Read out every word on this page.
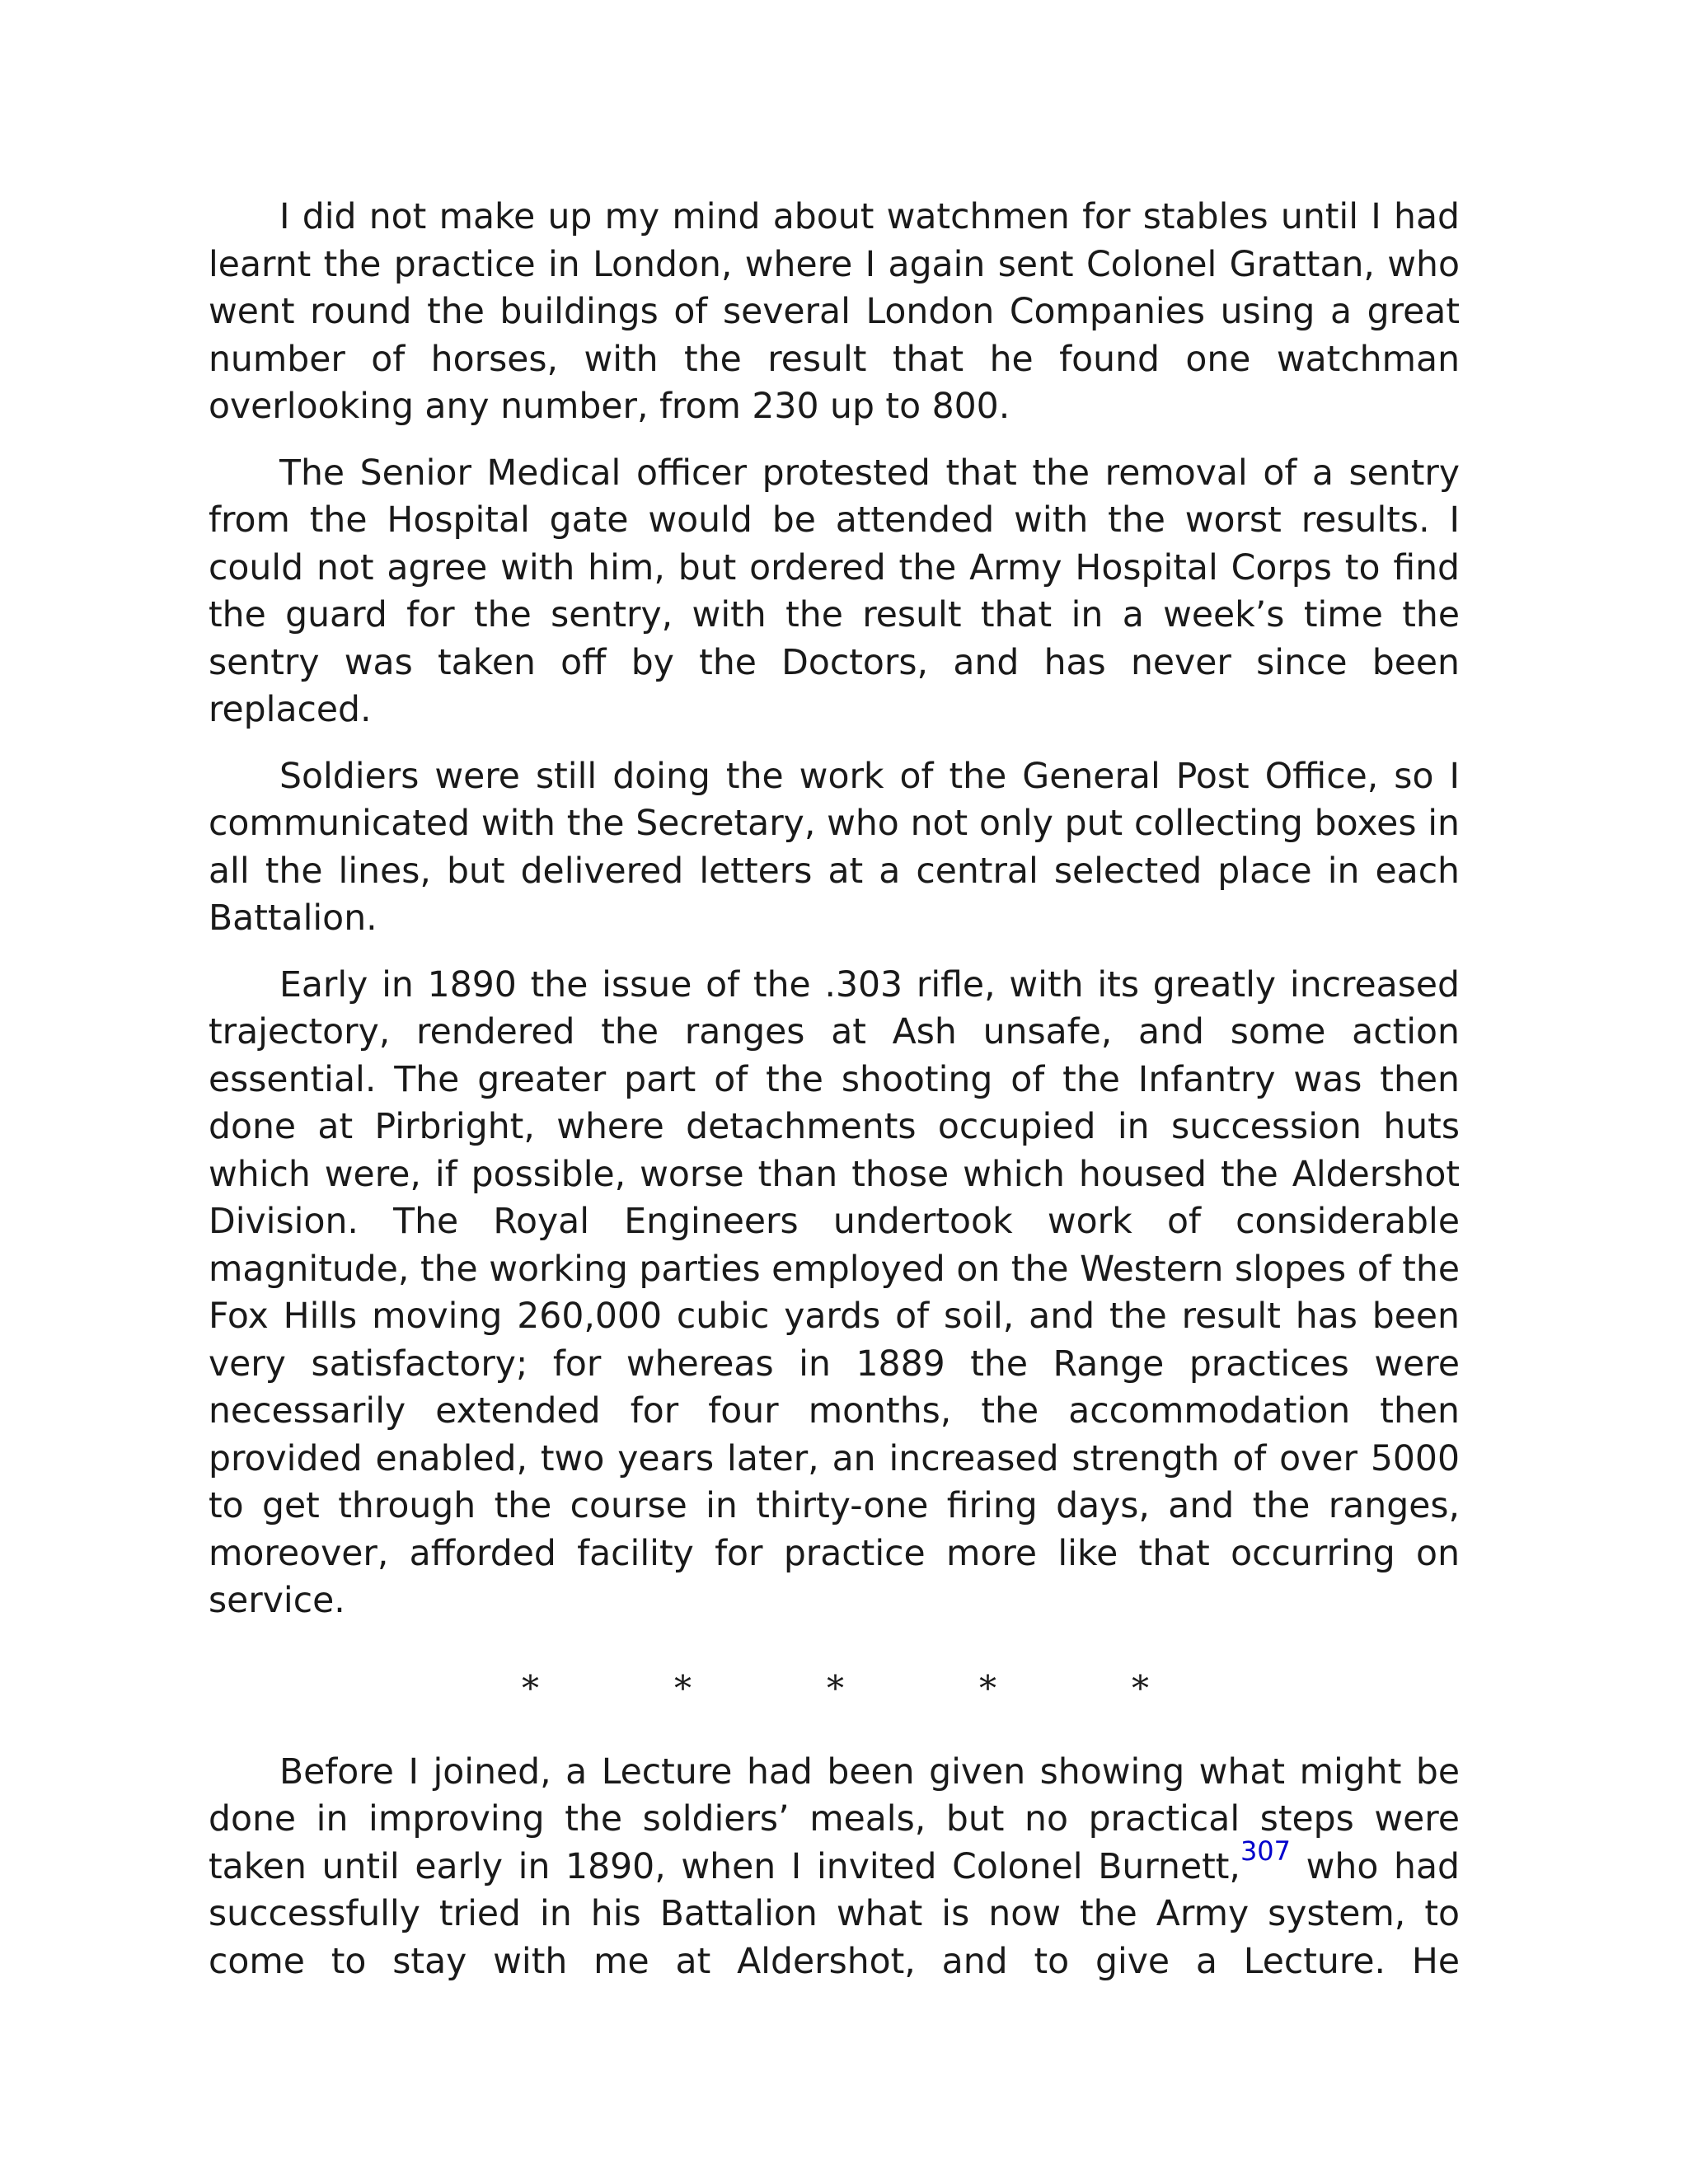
I did not make up my mind about watchmen for stables until I had learnt the practice in London, where I again sent Colonel Grattan, who went round the buildings of several London Companies using a great number of horses, with the result that he found one watchman overlooking any number, from 230 up to 800.

The Senior Medical officer protested that the removal of a sentry from the Hospital gate would be attended with the worst results. I could not agree with him, but ordered the Army Hospital Corps to find the guard for the sentry, with the result that in a week’s time the sentry was taken off by the Doctors, and has never since been replaced.

Soldiers were still doing the work of the General Post Office, so I communicated with the Secretary, who not only put collecting boxes in all the lines, but delivered letters at a central selected place in each Battalion.

Early in 1890 the issue of the .303 rifle, with its greatly increased trajectory, rendered the ranges at Ash unsafe, and some action essential. The greater part of the shooting of the Infantry was then done at Pirbright, where detachments occupied in succession huts which were, if possible, worse than those which housed the Aldershot Division. The Royal Engineers undertook work of considerable magnitude, the working parties employed on the Western slopes of the Fox Hills moving 260,000 cubic yards of soil, and the result has been very satisfactory; for whereas in 1889 the Range practices were necessarily extended for four months, the accommodation then provided enabled, two years later, an increased strength of over 5000 to get through the course in thirty-one firing days, and the ranges, moreover, afforded facility for practice more like that occurring on service.

*	*	*	*	*

Before I joined, a Lecture had been given showing what might be done in improving the soldiers’ meals, but no practical steps were taken until early in 1890, when I invited Colonel Burnett,$^{307}$ who had successfully tried in his Battalion what is now the Army system, to come to stay with me at Aldershot, and to give a Lecture. He
